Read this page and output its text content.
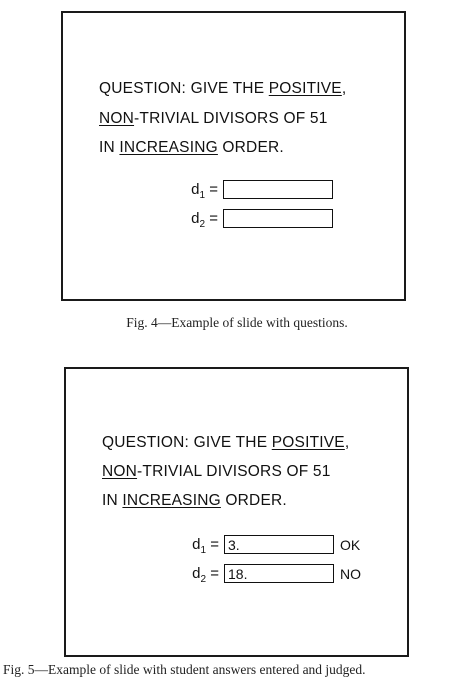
QUESTION: GIVE THE POSITIVE,
NON-TRIVIAL DIVISORS OF 51
IN INCREASING ORDER.
$d_1$ =
$d_2$ =
Fig. 4—Example of slide with questions.
QUESTION: GIVE THE POSITIVE,
NON-TRIVIAL DIVISORS OF 51
IN INCREASING ORDER.
$d_1 = 3$.	OK
$d_2 = 18$.	NO
Fig. 5—Example of slide with student answers entered and judged.
